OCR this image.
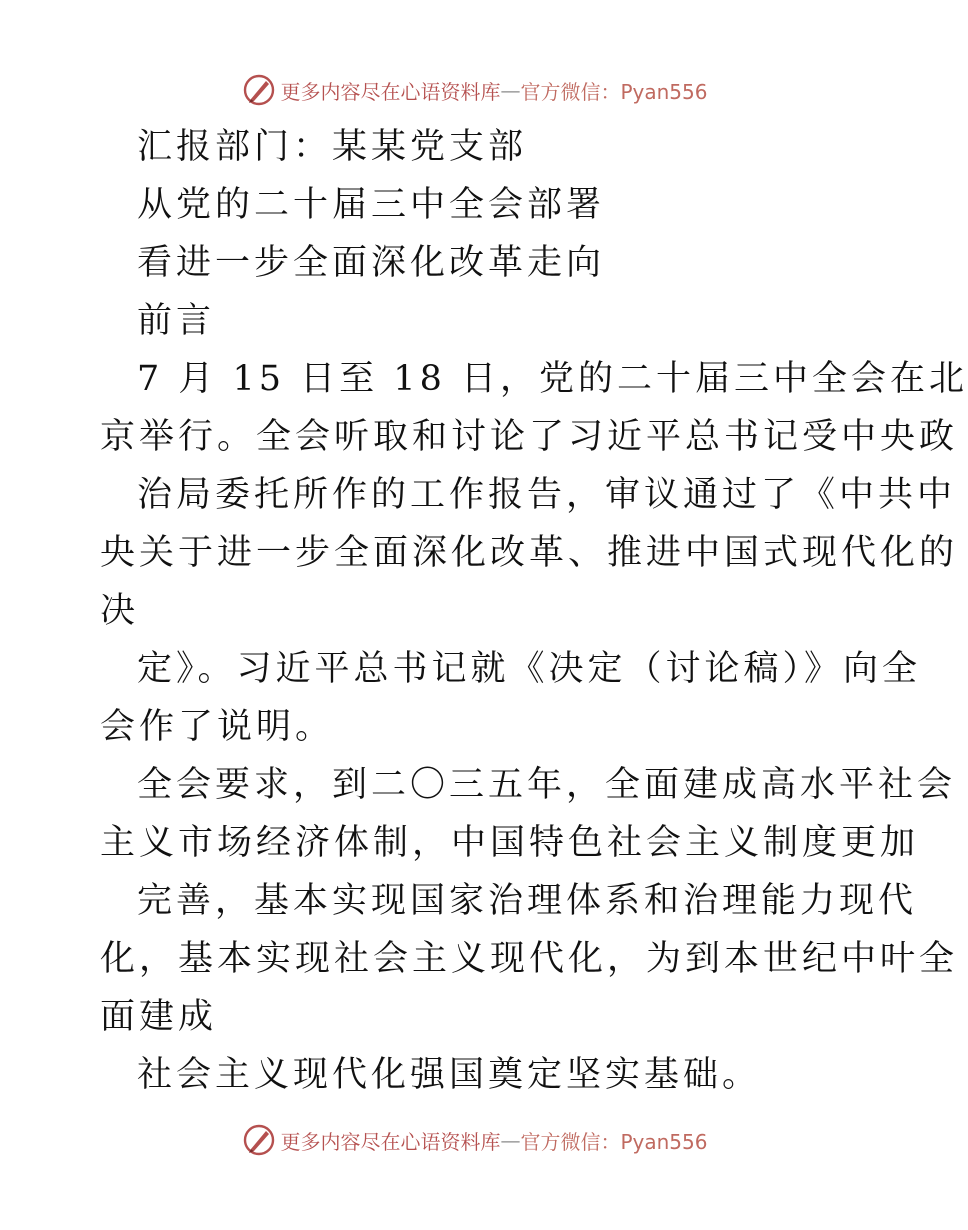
更多内容尽在心语资料库 — 官方微信：Pyan556
汇报部门：某某党支部
从党的二十届三中全会部署
看进一步全面深化改革走向
前言
7 月 15 日至 18 日，党的二十届三中全会在北
京举行。全会听取和讨论了习近平总书记受中央政
治局委托所作的工作报告，审议通过了《中共中
央关于进一步全面深化改革、推进中国式现代化的
决
定》。习近平总书记就《决定（讨论稿）》向全
会作了说明。
全会要求，到二〇三五年，全面建成高水平社会
主义市场经济体制，中国特色社会主义制度更加
完善，基本实现国家治理体系和治理能力现代
化，基本实现社会主义现代化，为到本世纪中叶全
面建成
社会主义现代化强国奠定坚实基础。
更多内容尽在心语资料库 — 官方微信：Pyan556
